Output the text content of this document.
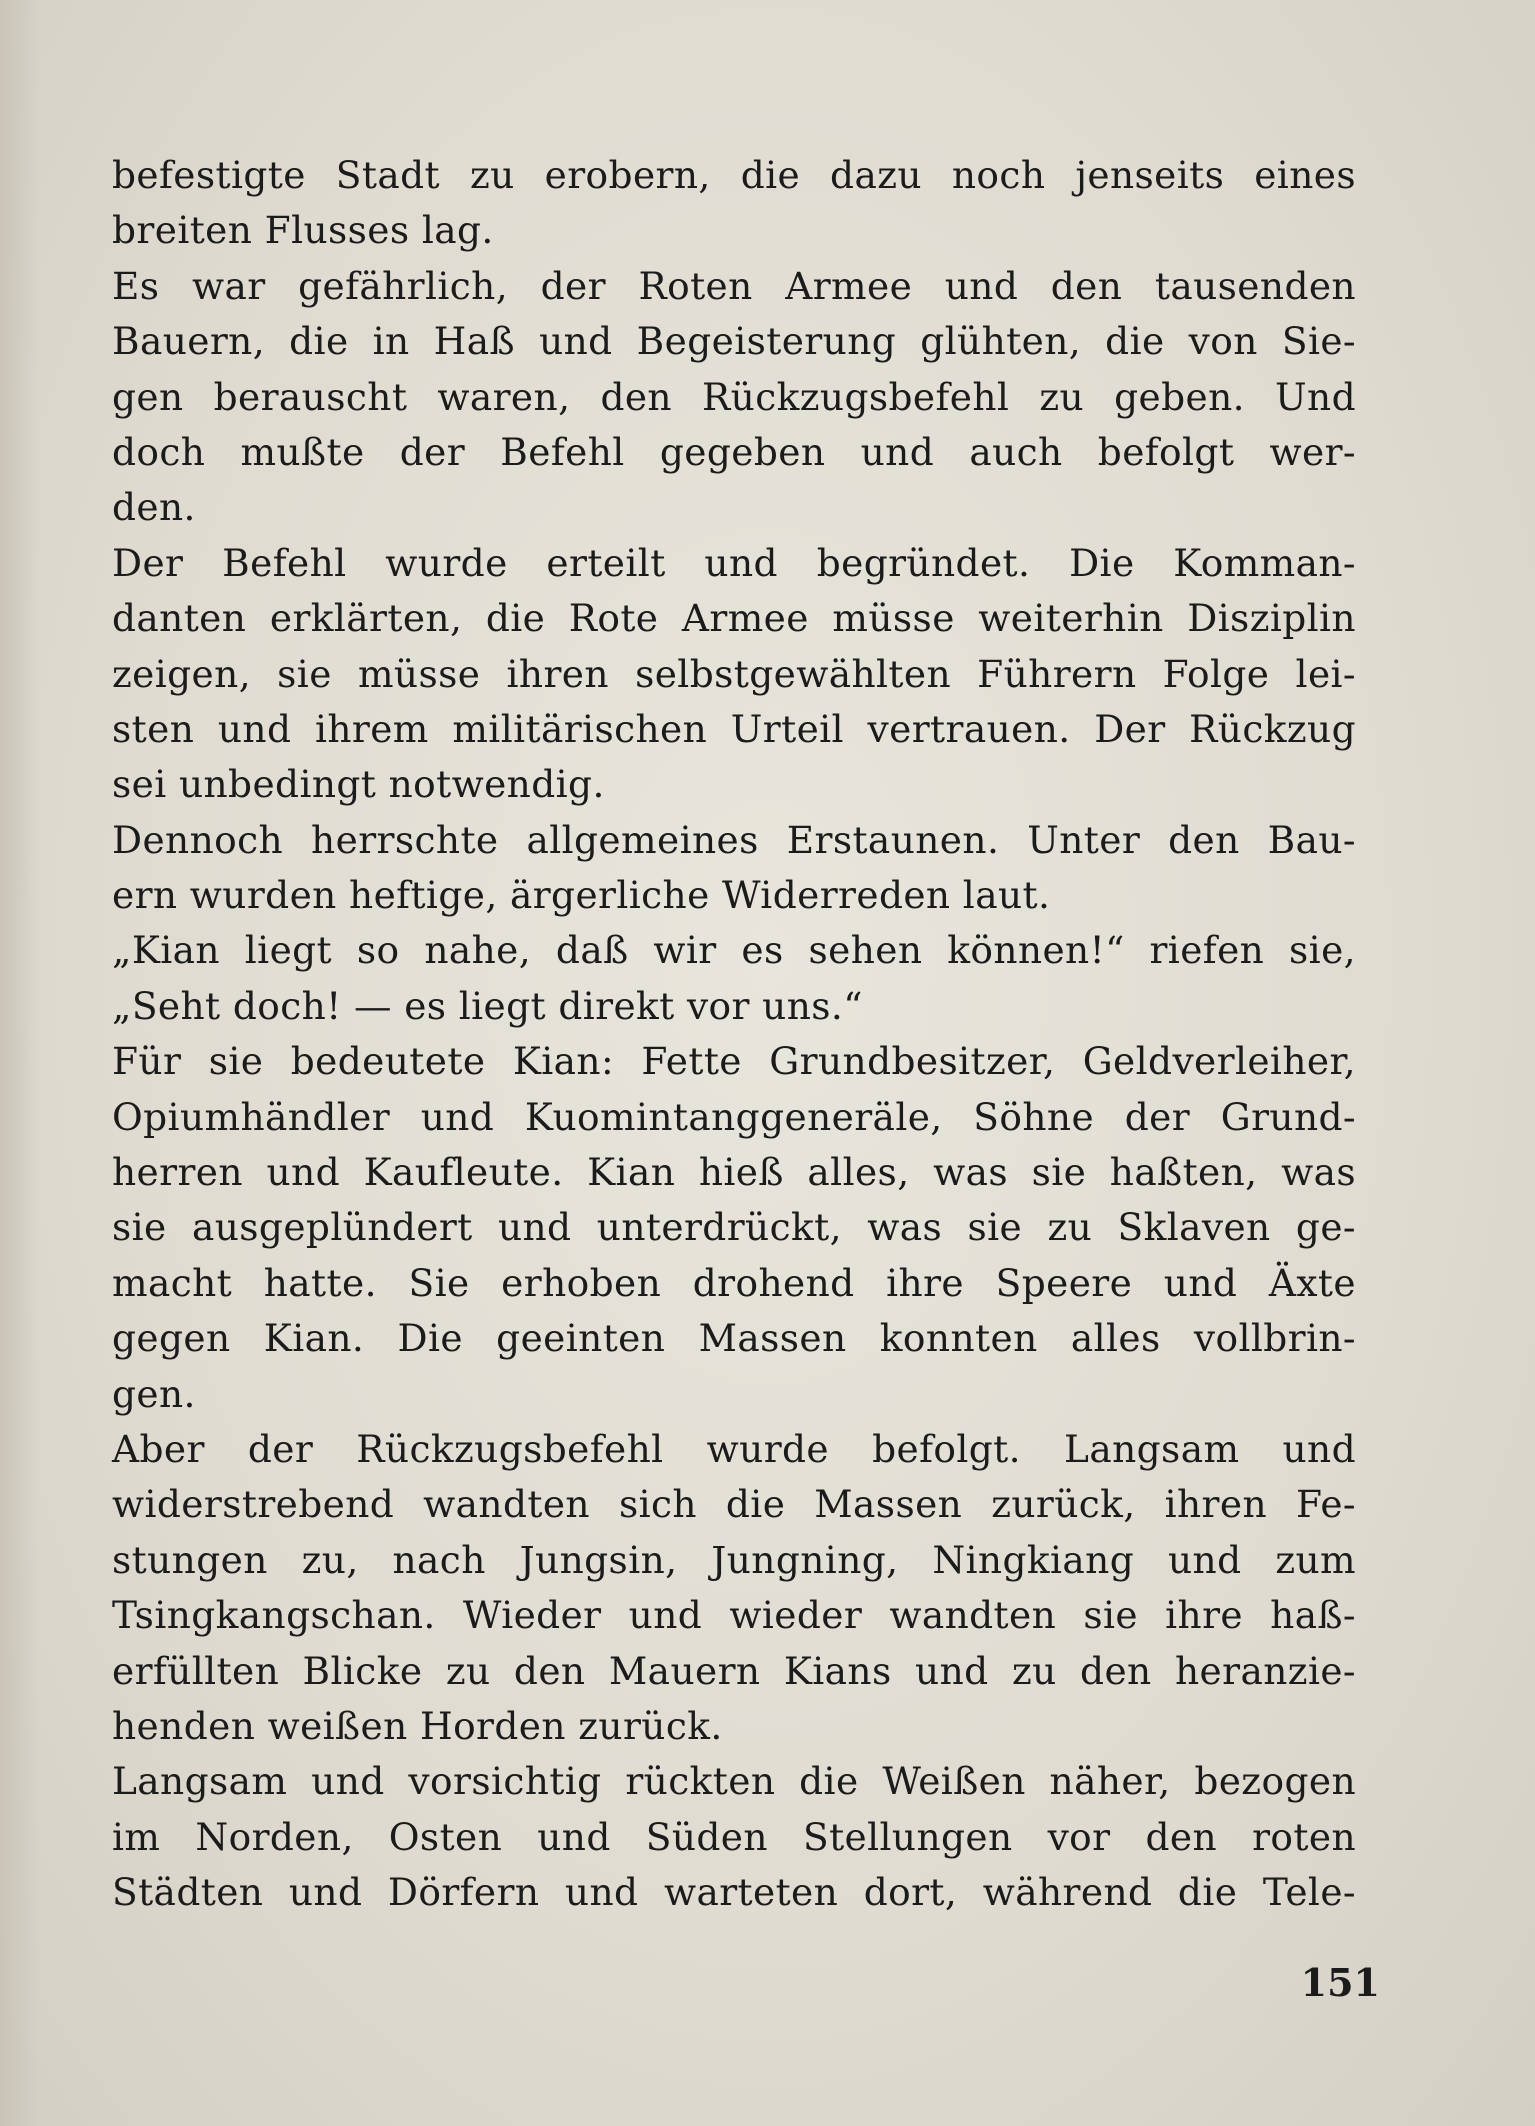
befestigte Stadt zu erobern, die dazu noch jenseits eines
breiten Flusses lag.
Es war gefährlich, der Roten Armee und den tausenden
Bauern, die in Haß und Begeisterung glühten, die von Sie-
gen berauscht waren, den Rückzugsbefehl zu geben. Und
doch mußte der Befehl gegeben und auch befolgt wer-
den.
Der Befehl wurde erteilt und begründet. Die Komman-
danten erklärten, die Rote Armee müsse weiterhin Disziplin
zeigen, sie müsse ihren selbstgewählten Führern Folge lei-
sten und ihrem militärischen Urteil vertrauen. Der Rückzug
sei unbedingt notwendig.
Dennoch herrschte allgemeines Erstaunen. Unter den Bau-
ern wurden heftige, ärgerliche Widerreden laut.
„Kian liegt so nahe, daß wir es sehen können!“ riefen sie,
„Seht doch! — es liegt direkt vor uns.“
Für sie bedeutete Kian: Fette Grundbesitzer, Geldverleiher,
Opiumhändler und Kuomintanggeneräle, Söhne der Grund-
herren und Kaufleute. Kian hieß alles, was sie haßten, was
sie ausgeplündert und unterdrückt, was sie zu Sklaven ge-
macht hatte. Sie erhoben drohend ihre Speere und Äxte
gegen Kian. Die geeinten Massen konnten alles vollbrin-
gen.
Aber der Rückzugsbefehl wurde befolgt. Langsam und
widerstrebend wandten sich die Massen zurück, ihren Fe-
stungen zu, nach Jungsin, Jungning, Ningkiang und zum
Tsingkangschan. Wieder und wieder wandten sie ihre haß-
erfüllten Blicke zu den Mauern Kians und zu den heranzie-
henden weißen Horden zurück.
Langsam und vorsichtig rückten die Weißen näher, bezogen
im Norden, Osten und Süden Stellungen vor den roten
Städten und Dörfern und warteten dort, während die Tele-
151
